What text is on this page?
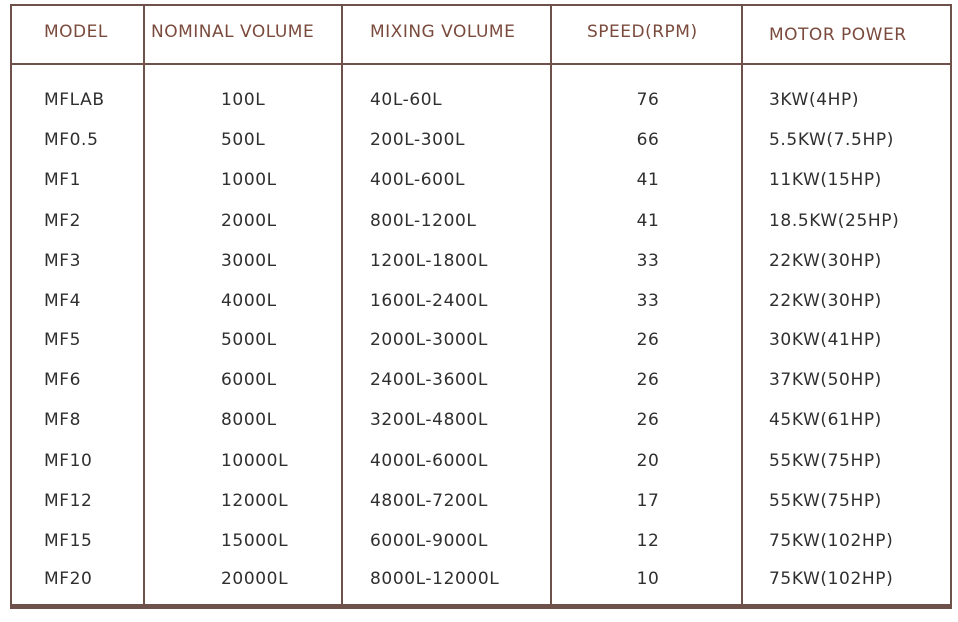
MODEL	NOMINAL VOLUME	MIXING VOLUME	SPEED(RPM)	MOTOR POWER
MFLAB	100L	40L-60L	76	3KW(4HP)
MF0.5	500L	200L-300L	66	5.5KW(7.5HP)
MF1	1000L	400L-600L	41	11KW(15HP)
MF2	2000L	800L-1200L	41	18.5KW(25HP)
MF3	3000L	1200L-1800L	33	22KW(30HP)
MF4	4000L	1600L-2400L	33	22KW(30HP)
MF5	5000L	2000L-3000L	26	30KW(41HP)
MF6	6000L	2400L-3600L	26	37KW(50HP)
MF8	8000L	3200L-4800L	26	45KW(61HP)
MF10	10000L	4000L-6000L	20	55KW(75HP)
MF12	12000L	4800L-7200L	17	55KW(75HP)
MF15	15000L	6000L-9000L	12	75KW(102HP)
MF20	20000L	8000L-12000L	10	75KW(102HP)
